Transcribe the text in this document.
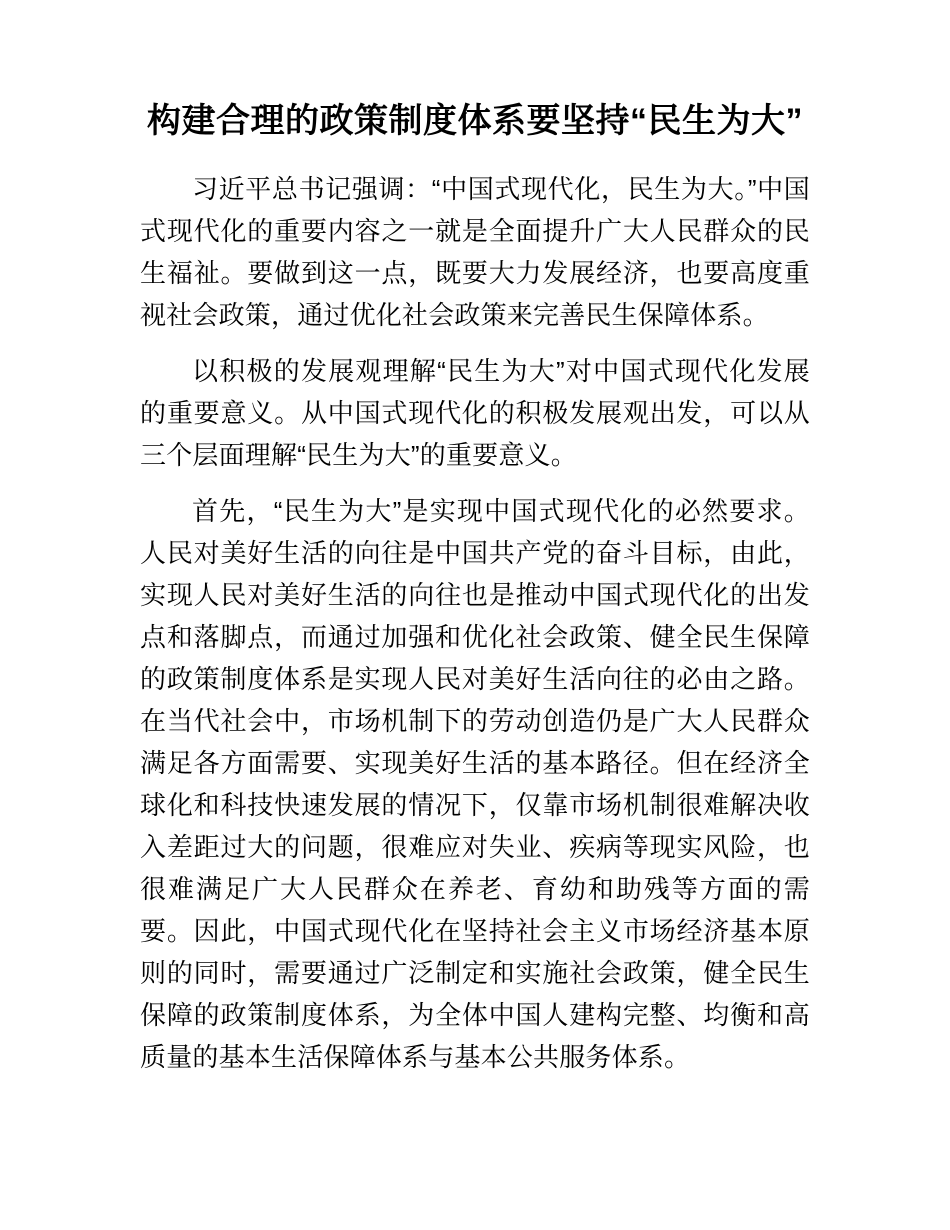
构建合理的政策制度体系要坚持“民生为大”

习近平总书记强调：“中国式现代化，民生为大。”中国式现代化的重要内容之一就是全面提升广大人民群众的民生福祉。要做到这一点，既要大力发展经济，也要高度重视社会政策，通过优化社会政策来完善民生保障体系。

以积极的发展观理解“民生为大”对中国式现代化发展的重要意义。从中国式现代化的积极发展观出发，可以从三个层面理解“民生为大”的重要意义。

首先，“民生为大”是实现中国式现代化的必然要求。人民对美好生活的向往是中国共产党的奋斗目标，由此，实现人民对美好生活的向往也是推动中国式现代化的出发点和落脚点，而通过加强和优化社会政策、健全民生保障的政策制度体系是实现人民对美好生活向往的必由之路。在当代社会中，市场机制下的劳动创造仍是广大人民群众满足各方面需要、实现美好生活的基本路径。但在经济全球化和科技快速发展的情况下，仅靠市场机制很难解决收入差距过大的问题，很难应对失业、疾病等现实风险，也很难满足广大人民群众在养老、育幼和助残等方面的需要。因此，中国式现代化在坚持社会主义市场经济基本原则的同时，需要通过广泛制定和实施社会政策，健全民生保障的政策制度体系，为全体中国人建构完整、均衡和高质量的基本生活保障体系与基本公共服务体系。
